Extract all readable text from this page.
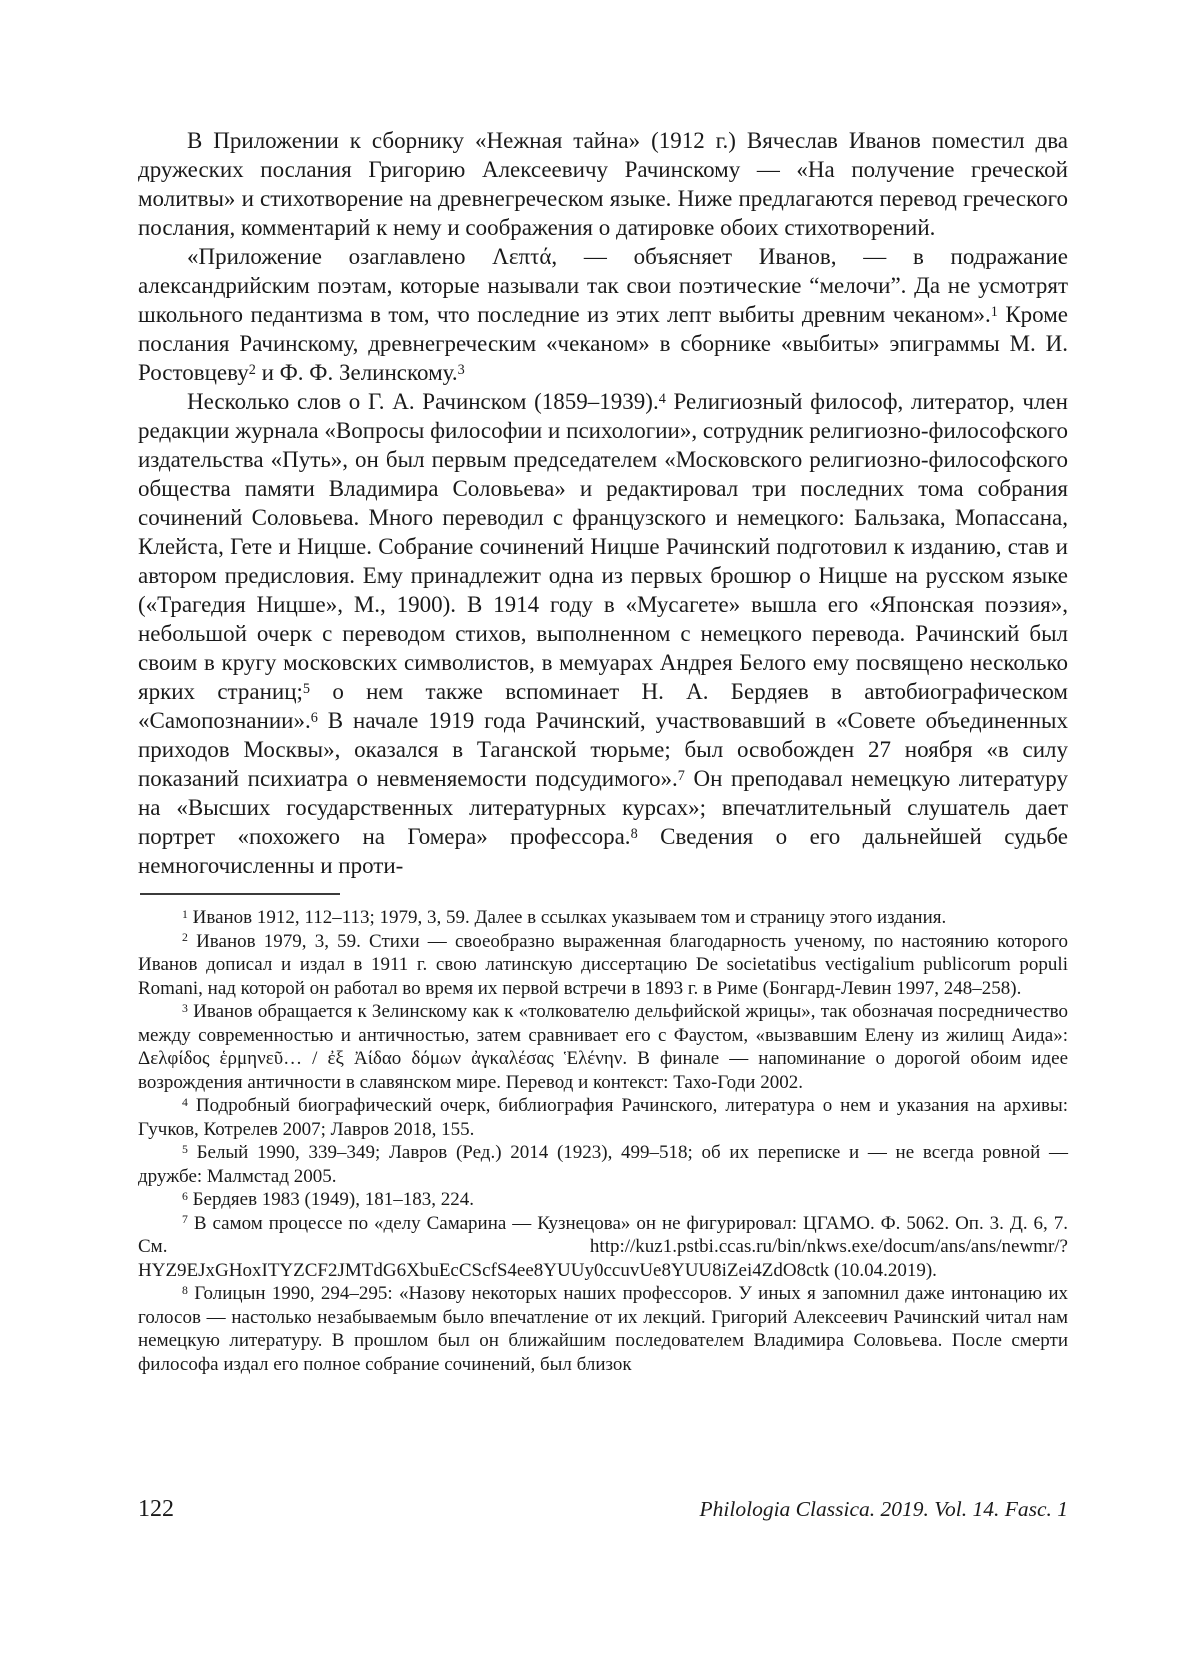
В Приложении к сборнику «Нежная тайна» (1912 г.) Вячеслав Иванов поместил два дружеских послания Григорию Алексеевичу Рачинскому — «На получение греческой молитвы» и стихотворение на древнегреческом языке. Ниже предлагаются перевод греческого послания, комментарий к нему и соображения о датировке обоих стихотворений.

«Приложение озаглавлено Λεπτά, — объясняет Иванов, — в подражание александрийским поэтам, которые называли так свои поэтические “мелочи”. Да не усмотрят школьного педантизма в том, что последние из этих лепт выбиты древним чеканом».$^1$ Кроме послания Рачинскому, древнегреческим «чеканом» в сборнике «выбиты» эпиграммы М. И. Ростовцеву$^2$ и Ф. Ф. Зелинскому.$^3$

Несколько слов о Г. А. Рачинском (1859–1939).$^4$ Религиозный философ, литератор, член редакции журнала «Вопросы философии и психологии», сотрудник религиозно-философского издательства «Путь», он был первым председателем «Московского религиозно-философского общества памяти Владимира Соловьева» и редактировал три последних тома собрания сочинений Соловьева. Много переводил с французского и немецкого: Бальзака, Мопассана, Клейста, Гете и Ницше. Собрание сочинений Ницше Рачинский подготовил к изданию, став и автором предисловия. Ему принадлежит одна из первых брошюр о Ницше на русском языке («Трагедия Ницше», М., 1900). В 1914 году в «Мусагете» вышла его «Японская поэзия», небольшой очерк с переводом стихов, выполненном с немецкого перевода. Рачинский был своим в кругу московских символистов, в мемуарах Андрея Белого ему посвящено несколько ярких страниц;$^5$ о нем также вспоминает Н. А. Бердяев в автобиографическом «Самопознании».$^6$ В начале 1919 года Рачинский, участвовавший в «Совете объединенных приходов Москвы», оказался в Таганской тюрьме; был освобожден 27 ноября «в силу показаний психиатра о невменяемости подсудимого».$^7$ Он преподавал немецкую литературу на «Высших государственных литературных курсах»; впечатлительный слушатель дает портрет «похожего на Гомера» профессора.$^8$ Сведения о его дальнейшей судьбе немногочисленны и проти-

$^1$ Иванов 1912, 112–113; 1979, 3, 59. Далее в ссылках указываем том и страницу этого издания.

$^2$ Иванов 1979, 3, 59. Стихи — своеобразно выраженная благодарность ученому, по настоянию которого Иванов дописал и издал в 1911 г. свою латинскую диссертацию De societatibus vectigalium publicorum populi Romani, над которой он работал во время их первой встречи в 1893 г. в Риме (Бонгард-Левин 1997, 248–258).

$^3$ Иванов обращается к Зелинскому как к «толкователю дельфийской жрицы», так обозначая посредничество между современностью и античностью, затем сравнивает его с Фаустом, «вызвавшим Елену из жилищ Аида»: Δελφίδος ἑρμηνεῦ… / ἐξ Ἀίδαο δόμων ἀγκαλέσας Ἑλένην. В финале — напоминание о дорогой обоим идее возрождения античности в славянском мире. Перевод и контекст: Тахо-Годи 2002.

$^4$ Подробный биографический очерк, библиография Рачинского, литература о нем и указания на архивы: Гучков, Котрелев 2007; Лавров 2018, 155.

$^5$ Белый 1990, 339–349; Лавров (Ред.) 2014 (1923), 499–518; об их переписке и — не всегда ровной — дружбе: Малмстад 2005.

$^6$ Бердяев 1983 (1949), 181–183, 224.

$^7$ В самом процессе по «делу Самарина — Кузнецова» он не фигурировал: ЦГАМО. Ф. 5062. Оп. 3. Д. 6, 7. См. http://kuz1.pstbi.ccas.ru/bin/nkws.exe/docum/ans/ans/newmr/?HYZ9EJxGHoxITYZCF2JMTdG6XbuEcCScfS4ee8YUUy0ccuvUe8YUU8iZei4ZdO8ctk (10.04.2019).

$^8$ Голицын 1990, 294–295: «Назову некоторых наших профессоров. У иных я запомнил даже интонацию их голосов — настолько незабываемым было впечатление от их лекций. Григорий Алексеевич Рачинский читал нам немецкую литературу. В прошлом был он ближайшим последователем Владимира Соловьева. После смерти философа издал его полное собрание сочинений, был близок

122	Philologia Classica. 2019. Vol. 14. Fasc. 1
